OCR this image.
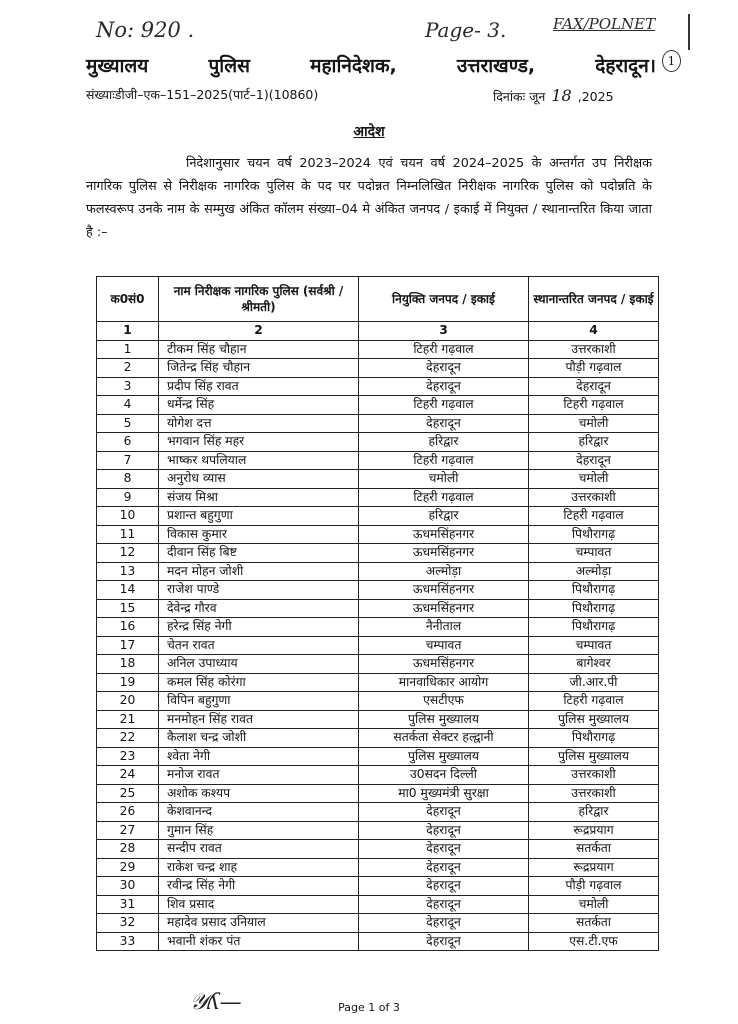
No: 920 .	Page- 3.	FAX/POLNET
1
मुख्यालय	पुलिस	महानिदेशक,	उत्तराखण्ड,	देहरादून।
संख्याःडीजी–एक–151–2025(पार्ट–1)(10860)	दिनांकः जून 18 ,2025
आदेश
निदेशानुसार चयन वर्ष 2023–2024 एवं चयन वर्ष 2024–2025 के अन्तर्गत उप निरीक्षक नागरिक पुलिस से निरीक्षक नागरिक पुलिस के पद पर पदोन्नत निम्नलिखित निरीक्षक नागरिक पुलिस को पदोन्नति के फलस्वरूप उनके नाम के सम्मुख अंकित कॉलम संख्या–04 मे अंकित जनपद / इकाई में नियुक्त / स्थानान्तरित किया जाता है :–
क0सं0	नाम निरीक्षक नागरिक पुलिस (सर्वश्री / श्रीमती)	नियुक्ति जनपद / इकाई	स्थानान्तरित जनपद / इकाई
1	2	3	4
1	टीकम सिंह चौहान	टिहरी गढ़वाल	उत्तरकाशी
2	जितेन्द्र सिंह चौहान	देहरादून	पौड़ी गढ़वाल
3	प्रदीप सिंह रावत	देहरादून	देहरादून
4	धर्मेन्द्र सिंह	टिहरी गढ़वाल	टिहरी गढ़वाल
5	योगेश दत्त	देहरादून	चमोली
6	भगवान सिंह महर	हरिद्वार	हरिद्वार
7	भाष्कर थपलियाल	टिहरी गढ़वाल	देहरादून
8	अनुरोध व्यास	चमोली	चमोली
9	संजय मिश्रा	टिहरी गढ़वाल	उत्तरकाशी
10	प्रशान्त बहुगुणा	हरिद्वार	टिहरी गढ़वाल
11	विकास कुमार	ऊधमसिंहनगर	पिथौरागढ़
12	दीवान सिंह बिष्ट	ऊधमसिंहनगर	चम्पावत
13	मदन मोहन जोशी	अल्मोड़ा	अल्मोड़ा
14	राजेश पाण्डे	ऊधमसिंहनगर	पिथौरागढ़
15	देवेन्द्र गौरव	ऊधमसिंहनगर	पिथौरागढ़
16	हरेन्द्र सिंह नेगी	नैनीताल	पिथौरागढ़
17	चेतन रावत	चम्पावत	चम्पावत
18	अनिल उपाध्याय	ऊधमसिंहनगर	बागेश्वर
19	कमल सिंह कोरंगा	मानवाधिकार आयोग	जी.आर.पी
20	विपिन बहुगुणा	एसटीएफ	टिहरी गढ़वाल
21	मनमोहन सिंह रावत	पुलिस मुख्यालय	पुलिस मुख्यालय
22	कैलाश चन्द्र जोशी	सतर्कता सेक्टर हल्द्वानी	पिथौरागढ़
23	श्वेता नेगी	पुलिस मुख्यालय	पुलिस मुख्यालय
24	मनोज रावत	उ0सदन दिल्ली	उत्तरकाशी
25	अशोक कश्यप	मा0 मुख्यमंत्री सुरक्षा	उत्तरकाशी
26	केशवानन्द	देहरादून	हरिद्वार
27	गुमान सिंह	देहरादून	रूद्रप्रयाग
28	सन्दीप रावत	देहरादून	सतर्कता
29	राकेश चन्द्र शाह	देहरादून	रूद्रप्रयाग
30	रवीन्द्र सिंह नेगी	देहरादून	पौड़ी गढ़वाल
31	शिव प्रसाद	देहरादून	चमोली
32	महादेव प्रसाद उनियाल	देहरादून	सतर्कता
33	भवानी शंकर पंत	देहरादून	एस.टी.एफ
𝒴ʎ—	Page 1 of 3
